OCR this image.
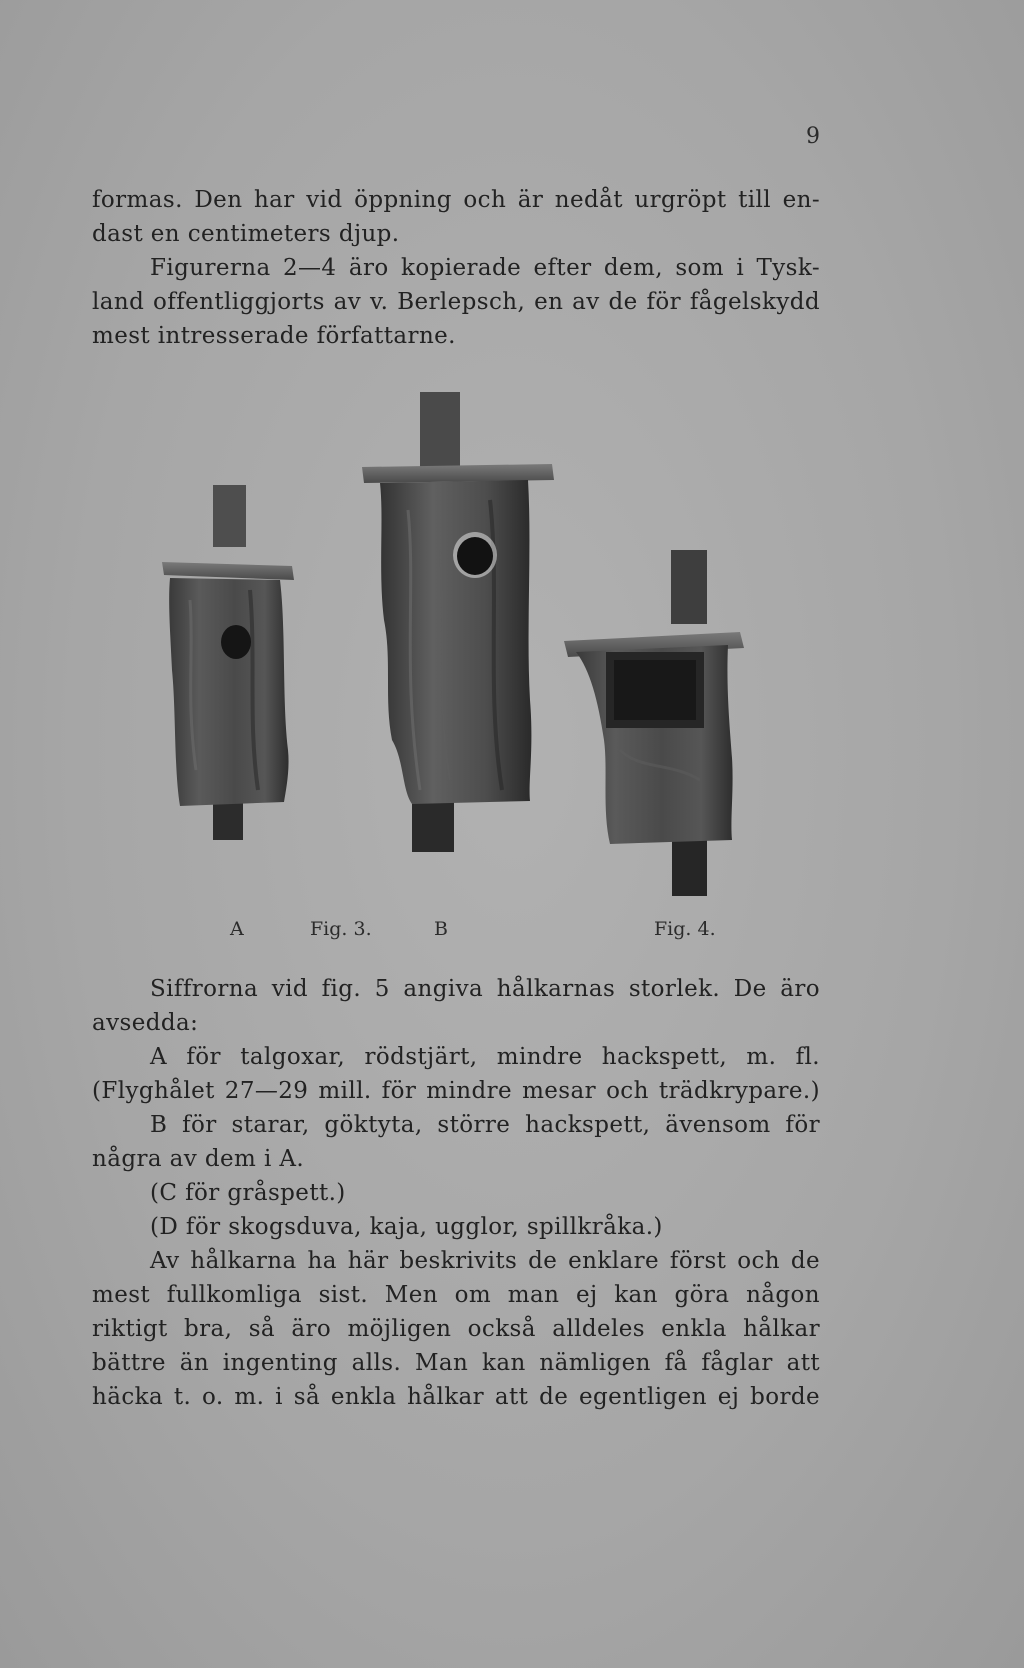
9
formas. Den har vid öppning och är nedåt urgröpt till en-
dast en centimeters djup.
Figurerna 2—4 äro kopierade efter dem, som i Tysk-
land offentliggjorts av v. Berlepsch, en av de för fågelskydd
mest intresserade författarne.
A	Fig. 3.	B	Fig. 4.
Siffrorna vid fig. 5 angiva hålkarnas storlek. De äro
avsedda:
A för talgoxar, rödstjärt, mindre hackspett, m. fl.
(Flyghålet 27—29 mill. för mindre mesar och trädkrypare.)
B för starar, göktyta, större hackspett, ävensom för
några av dem i A.
(C för gråspett.)
(D för skogsduva, kaja, ugglor, spillkråka.)
Av hålkarna ha här beskrivits de enklare först och de
mest fullkomliga sist. Men om man ej kan göra någon
riktigt bra, så äro möjligen också alldeles enkla hålkar
bättre än ingenting alls. Man kan nämligen få fåglar att
häcka t. o. m. i så enkla hålkar att de egentligen ej borde
